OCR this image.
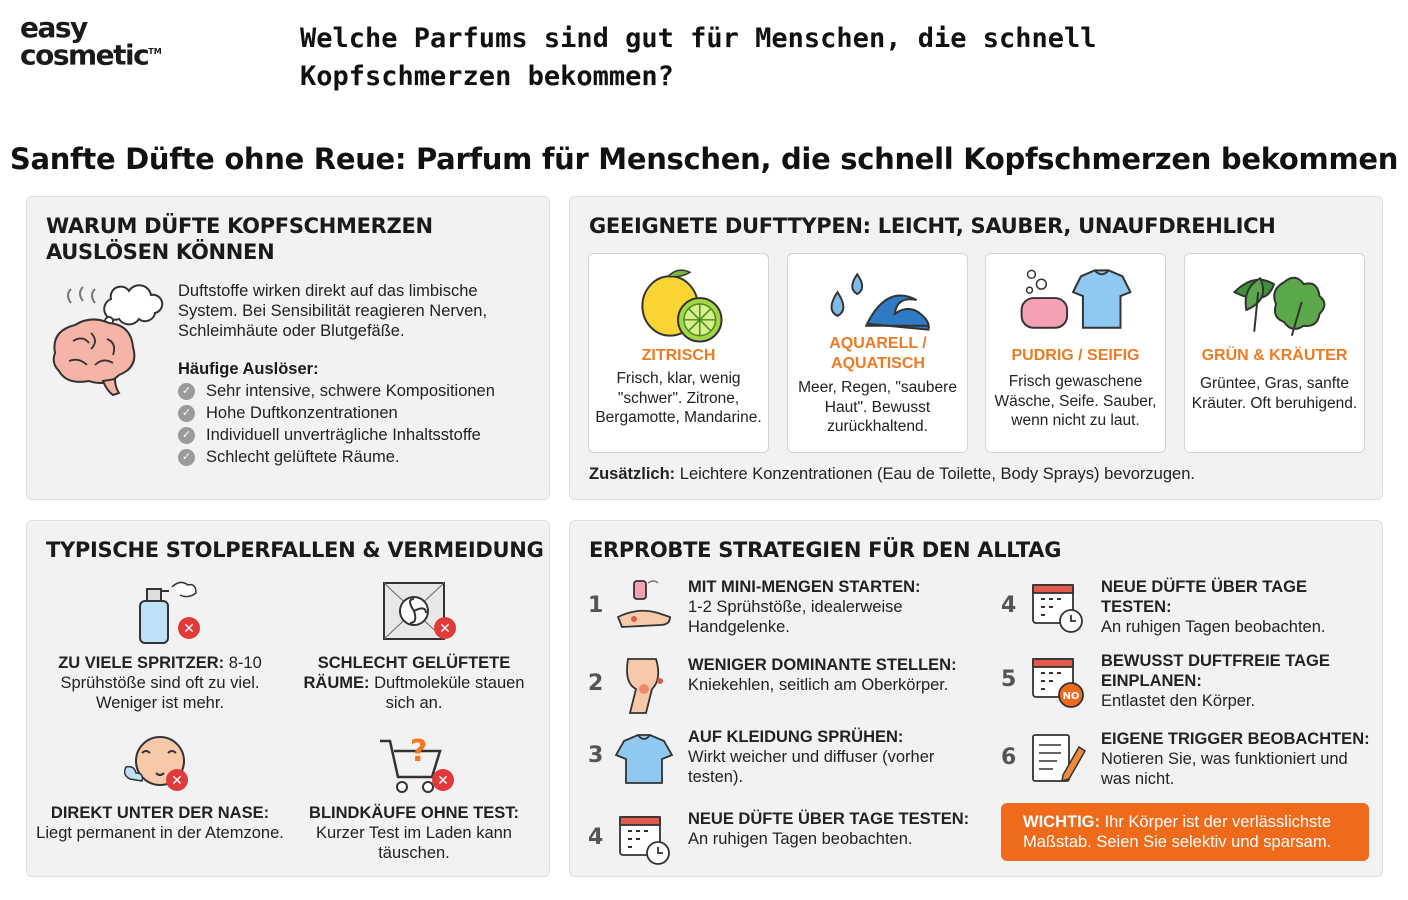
easy
cosmetic™	Welche Parfums sind gut für Menschen, die schnell Kopfschmerzen bekommen?
Sanfte Düfte ohne Reue: Parfum für Menschen, die schnell Kopfschmerzen bekommen
WARUM DÜFTE KOPFSCHMERZEN AUSLÖSEN KÖNNEN
Duftstoffe wirken direkt auf das limbische System. Bei Sensibilität reagieren Nerven, Schleimhäute oder Blutgefäße.
Häufige Auslöser:
✓ Sehr intensive, schwere Kompositionen
✓ Hohe Duftkonzentrationen
✓ Individuell unverträgliche Inhaltsstoffe
✓ Schlecht gelüftete Räume.
GEEIGNETE DUFTTYPEN: LEICHT, SAUBER, UNAUFDREHLICH
ZITRISCH
Frisch, klar, wenig "schwer". Zitrone, Bergamotte, Mandarine.
AQUARELL / AQUATISCH
Meer, Regen, "saubere Haut". Bewusst zurückhaltend.
PUDRIG / SEIFIG
Frisch gewaschene Wäsche, Seife. Sauber, wenn nicht zu laut.
GRÜN & KRÄUTER
Grüntee, Gras, sanfte Kräuter. Oft beruhigend.
Zusätzlich: Leichtere Konzentrationen (Eau de Toilette, Body Sprays) bevorzugen.
TYPISCHE STOLPERFALLEN & VERMEIDUNG
✕
ZU VIELE SPRITZER: 8-10 Sprühstöße sind oft zu viel. Weniger ist mehr.
✕
SCHLECHT GELÜFTETE RÄUME: Duftmoleküle stauen sich an.
✕
DIREKT UNTER DER NASE: Liegt permanent in der Atemzone.
?
✕
BLINDKÄUFE OHNE TEST: Kurzer Test im Laden kann täuschen.
ERPROBTE STRATEGIEN FÜR DEN ALLTAG
1
MIT MINI-MENGEN STARTEN:
1-2 Sprühstöße, idealerweise Handgelenke.
2
WENIGER DOMINANTE STELLEN:
Kniekehlen, seitlich am Oberkörper.
3
AUF KLEIDUNG SPRÜHEN:
Wirkt weicher und diffuser (vorher testen).
4
NEUE DÜFTE ÜBER TAGE TESTEN:
An ruhigen Tagen beobachten.
4
NEUE DÜFTE ÜBER TAGE TESTEN:
An ruhigen Tagen beobachten.
5
NO
BEWUSST DUFTFREIE TAGE EINPLANEN:
Entlastet den Körper.
6
EIGENE TRIGGER BEOBACHTEN:
Notieren Sie, was funktioniert und was nicht.
WICHTIG: Ihr Körper ist der verlässlichste Maßstab. Seien Sie selektiv und sparsam.
